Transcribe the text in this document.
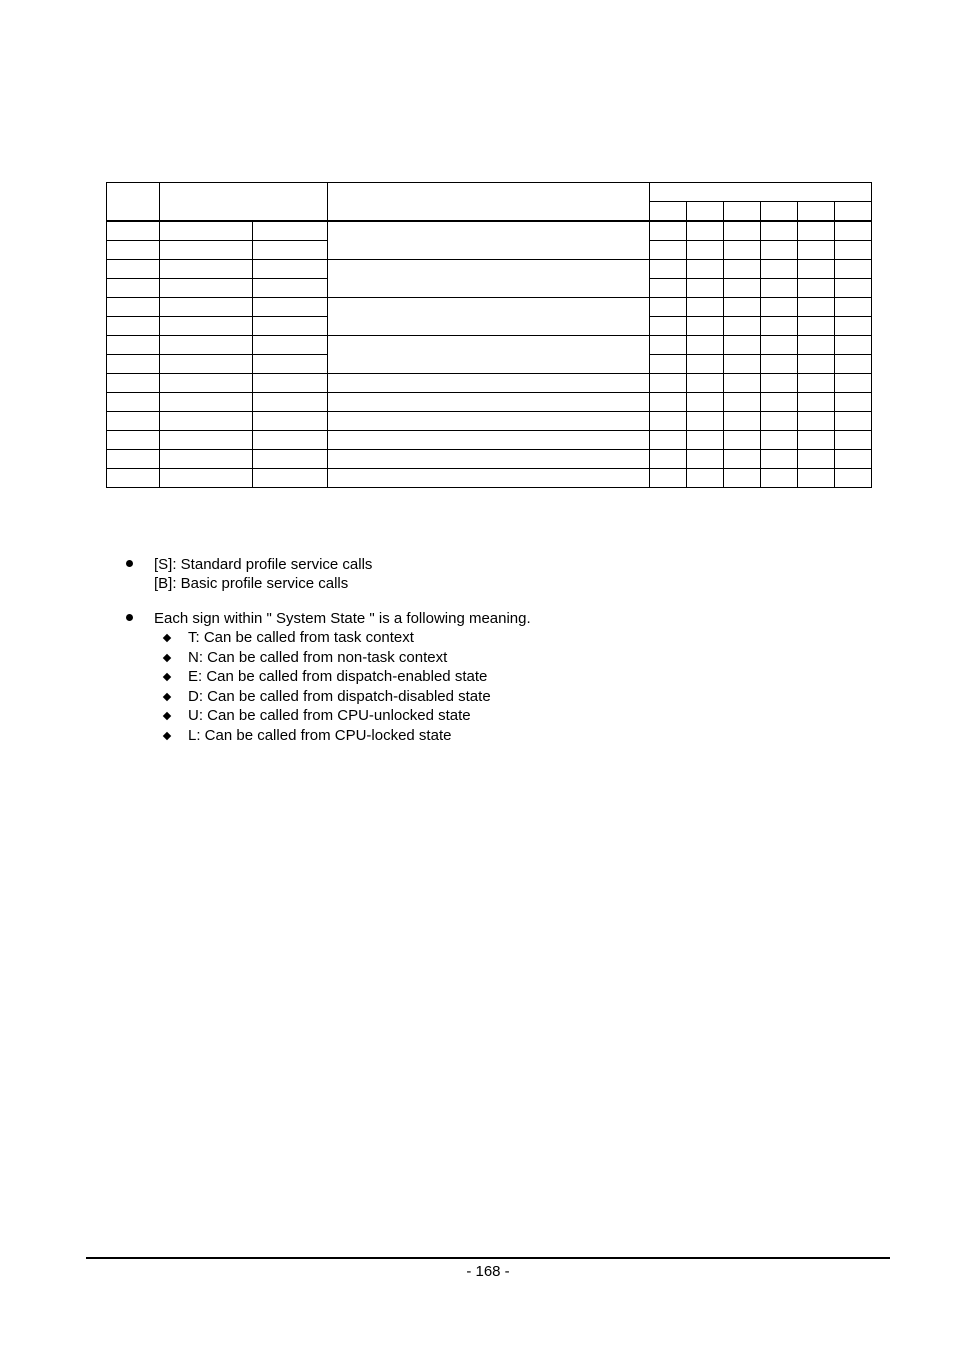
[S]: Standard profile service calls
[B]: Basic profile service calls
Each sign within " System State " is a following meaning.
T: Can be called from task context
N: Can be called from non-task context
E: Can be called from dispatch-enabled state
D: Can be called from dispatch-disabled state
U: Can be called from CPU-unlocked state
L: Can be called from CPU-locked state
- 168 -
